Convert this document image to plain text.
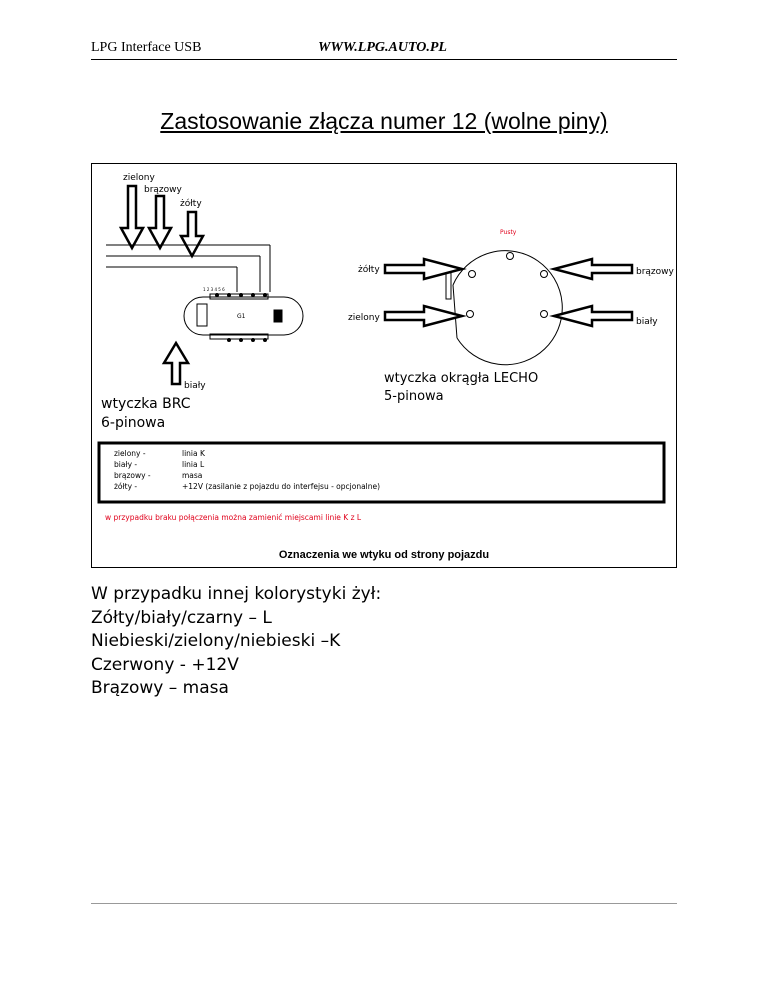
LPG Interface USB	WWW.LPG.AUTO.PL
Zastosowanie złącza numer 12 (wolne piny)
zielony
brązowy
żółty
1 2 3 4 5 6
G1
biały
wtyczka BRC
6-pinowa
Pusty
żółty
zielony
brązowy
biały
wtyczka okrągła LECHO
5-pinowa
zielony -	linia K
biały -	linia L
brązowy -	masa
żółty -	+12V (zasilanie z pojazdu do interfejsu - opcjonalne)
w przypadku braku połączenia można zamienić miejscami linie K z L
Oznaczenia we wtyku od strony pojazdu
W przypadku innej kolorystyki żył:
Zółty/biały/czarny – L
Niebieski/zielony/niebieski –K
Czerwony - +12V
Brązowy – masa
